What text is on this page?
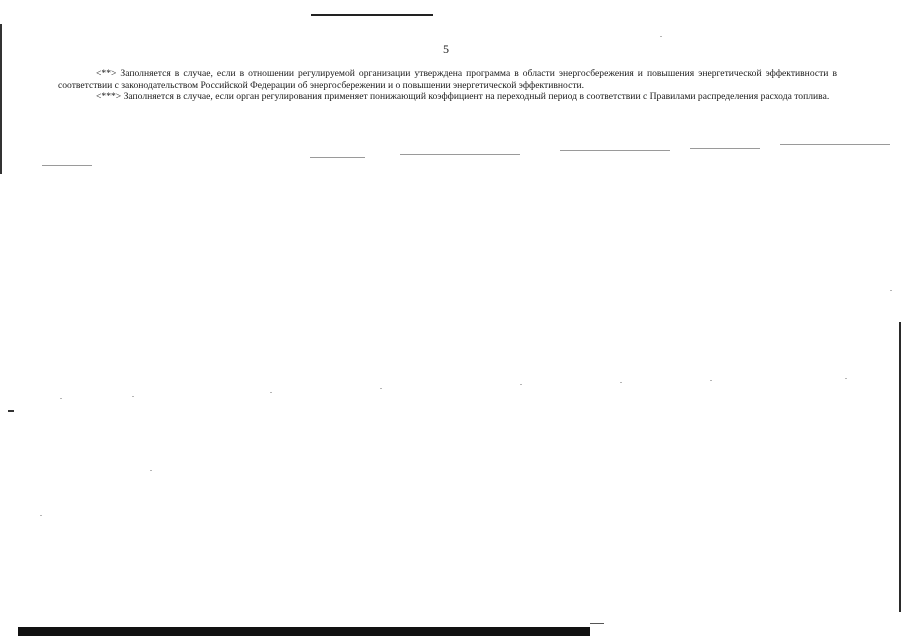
5

<**> Заполняется в случае, если в отношении регулируемой организации утверждена программа в области энергосбережения и повышения энергетической эффективности в соответствии с законодательством Российской Федерации об энергосбережении и о повышении энергетической эффективности.

<***> Заполняется в случае, если орган регулирования применяет понижающий коэффициент на переходный период в соответствии с Правилами распределения расхода топлива.
